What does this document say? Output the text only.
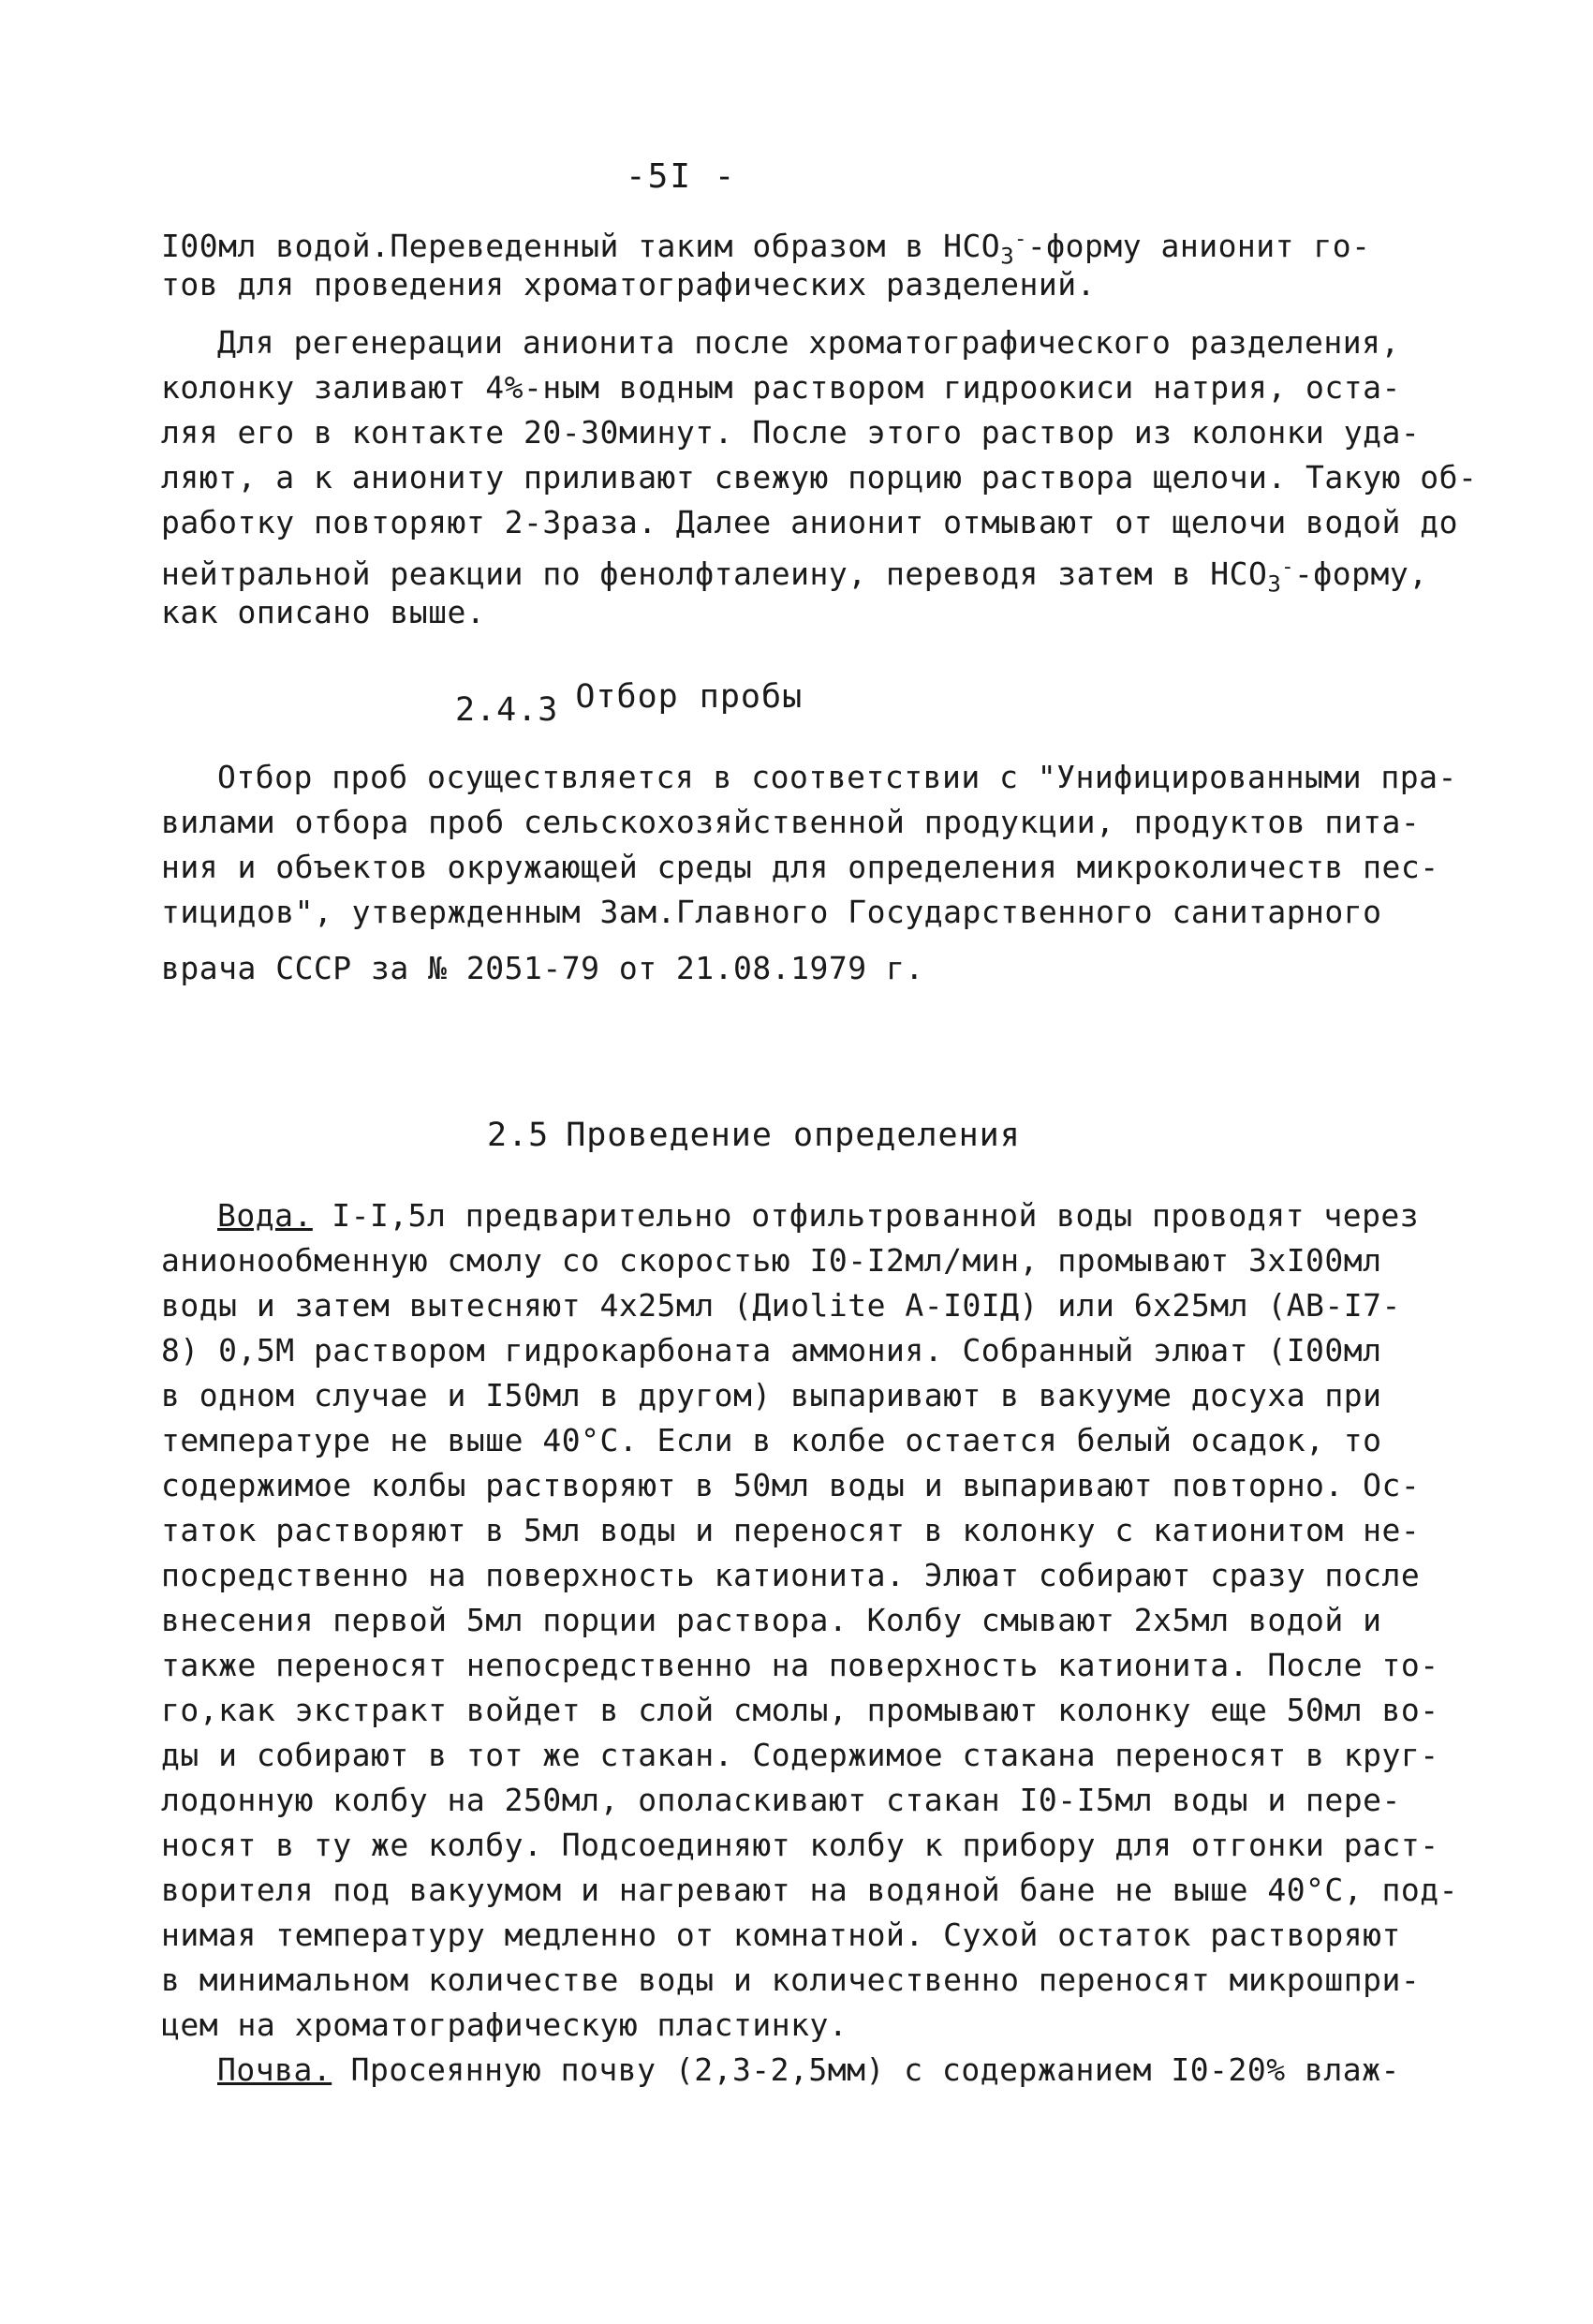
-5I -
I00мл водой.Переведенный таким образом в $НСО_3^-$-форму анионит го-
тов для проведения хроматографических разделений.
Для регенерации анионита после хроматографического разделения,
колонку заливают 4%-ным водным раствором гидроокиси натрия, оста-
ляя его в контакте 20-30минут. После этого раствор из колонки уда-
ляют, а к аниониту приливают свежую порцию раствора щелочи. Такую об-
работку повторяют 2-3раза. Далее анионит отмывают от щелочи водой до
нейтральной реакции по фенолфталеину, переводя затем в $НСО_3^-$-форму,
как описано выше.
2.4.3 Отбор пробы
Отбор проб осуществляется в соответствии с "Унифицированными пра-
вилами отбора проб сельскохозяйственной продукции, продуктов пита-
ния и объектов окружающей среды для определения микроколичеств пес-
тицидов", утвержденным Зам.Главного Государственного санитарного
врача СССР за № 2051-79 от 21.08.1979 г.
2.5 Проведение определения
Вода. I-I,5л предварительно отфильтрованной воды проводят через
анионообменную смолу со скоростью I0-I2мл/мин, промывают 3хI00мл
воды и затем вытесняют 4х25мл (Диоlite А-I0IД) или 6х25мл (АВ-I7-
8) 0,5М раствором гидрокарбоната аммония. Собранный элюат (I00мл
в одном случае и I50мл в другом) выпаривают в вакууме досуха при
температуре не выше 40°С. Если в колбе остается белый осадок, то
содержимое колбы растворяют в 50мл воды и выпаривают повторно. Ос-
таток растворяют в 5мл воды и переносят в колонку с катионитом не-
посредственно на поверхность катионита. Элюат собирают сразу после
внесения первой 5мл порции раствора. Колбу смывают 2х5мл водой и
также переносят непосредственно на поверхность катионита. После то-
го,как экстракт войдет в слой смолы, промывают колонку еще 50мл во-
ды и собирают в тот же стакан. Содержимое стакана переносят в круг-
лодонную колбу на 250мл, ополаскивают стакан I0-I5мл воды и пере-
носят в ту же колбу. Подсоединяют колбу к прибору для отгонки раст-
ворителя под вакуумом и нагревают на водяной бане не выше 40°С, под-
нимая температуру медленно от комнатной. Сухой остаток растворяют
в минимальном количестве воды и количественно переносят микрошпри-
цем на хроматографическую пластинку.
Почва. Просеянную почву (2,3-2,5мм) с содержанием I0-20% влаж-
